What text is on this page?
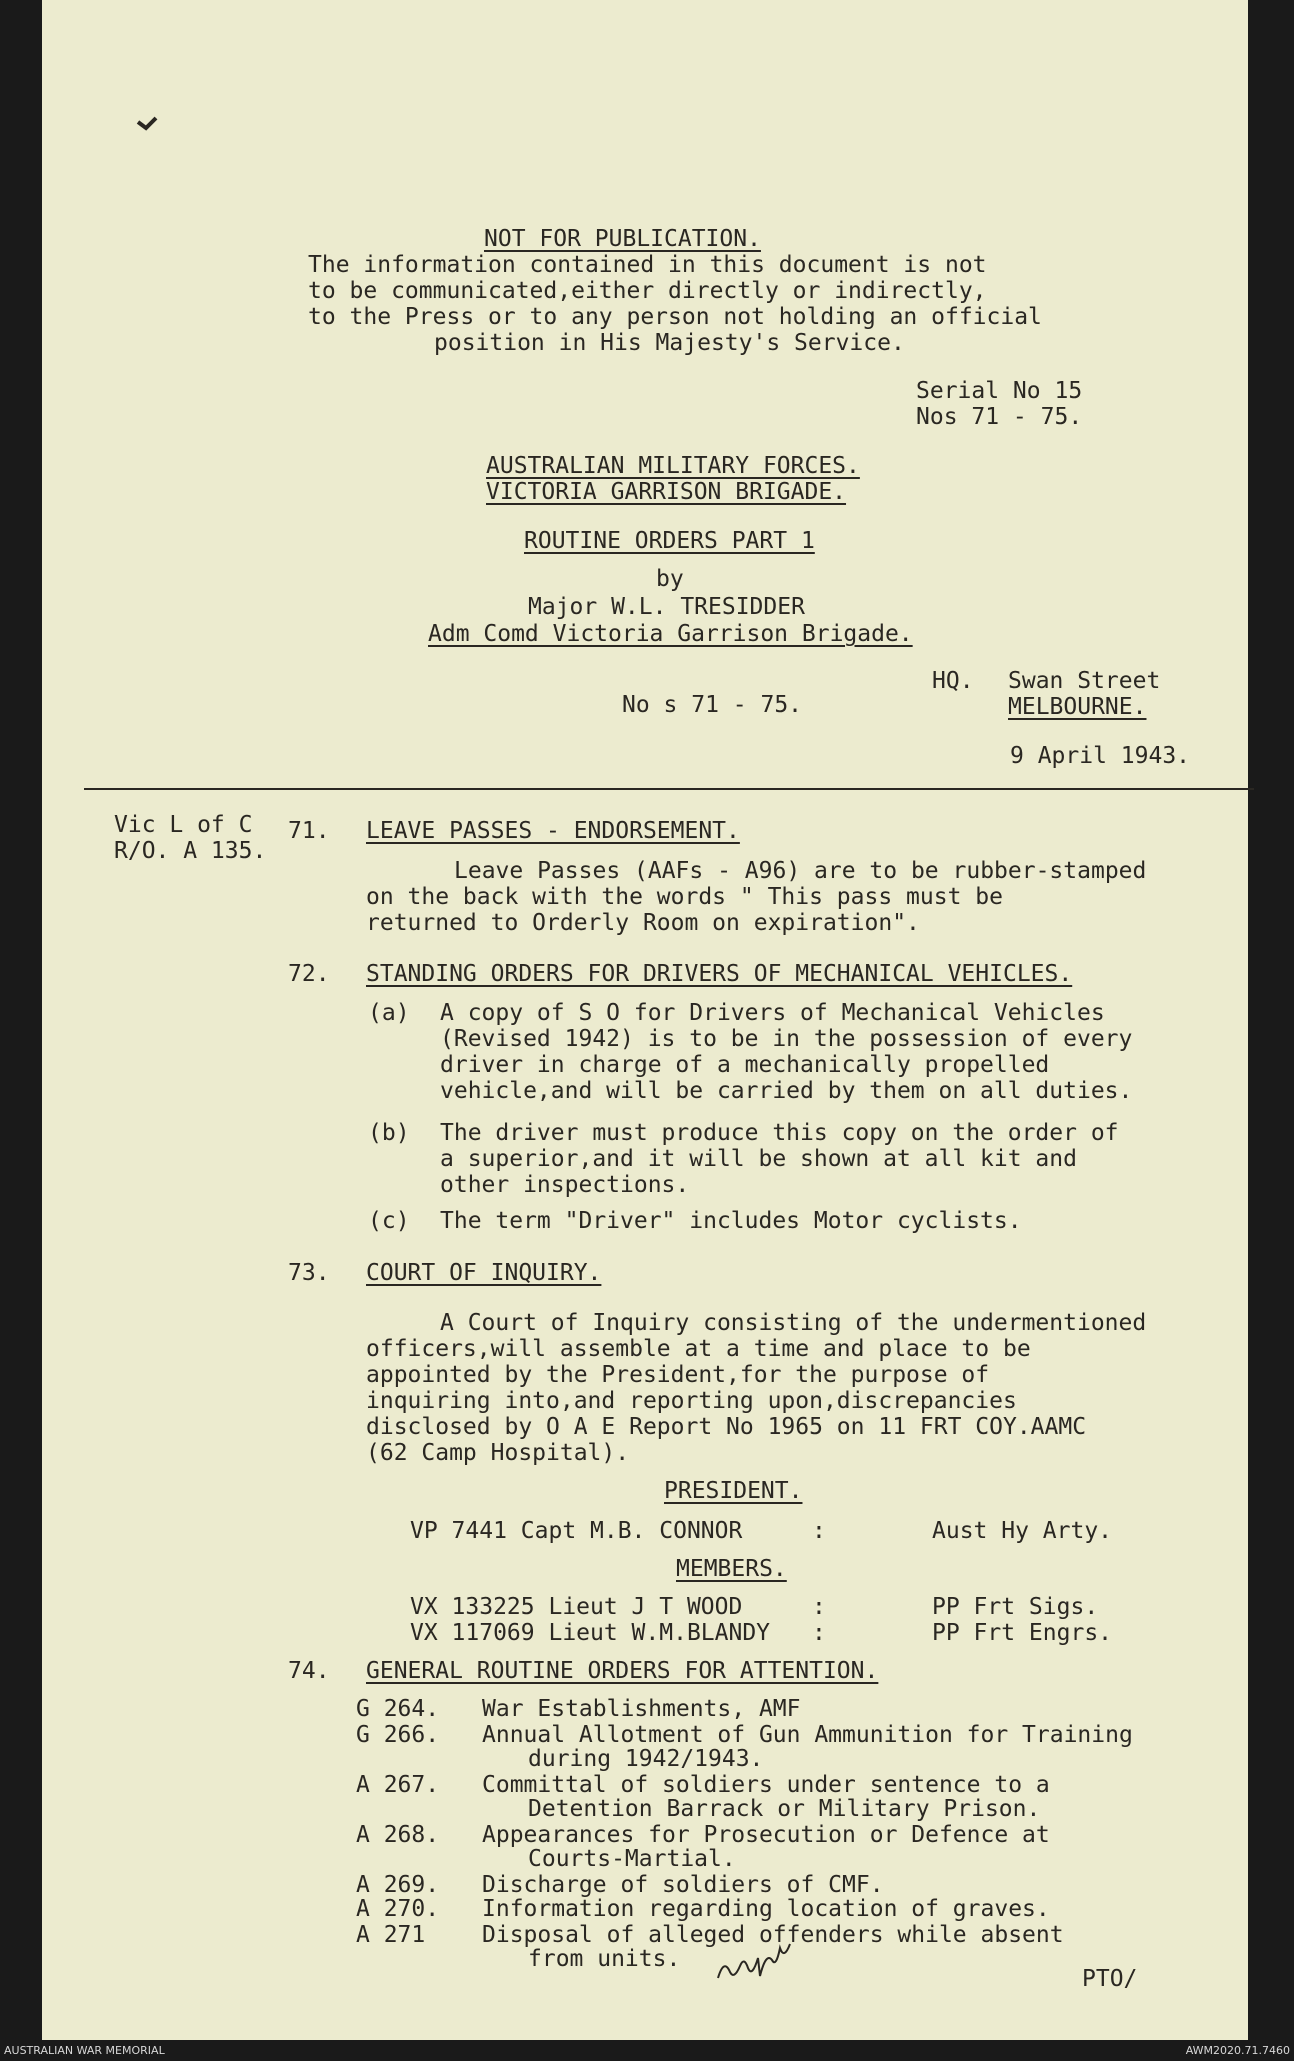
NOT FOR PUBLICATION.
The information contained in this document is not
to be communicated,either directly or indirectly,
to the Press or to any person not holding an official
position in His Majesty's Service.
Serial No 15
Nos 71 - 75.
AUSTRALIAN MILITARY FORCES.
VICTORIA GARRISON BRIGADE.
ROUTINE ORDERS PART 1
by
Major W.L. TRESIDDER
Adm Comd Victoria Garrison Brigade.
HQ. Swan Street
MELBOURNE.
No s 71 - 75.
9 April 1943.
Vic L of C
R/O. A 135.
71. LEAVE PASSES - ENDORSEMENT.
Leave Passes (AAFs - A96) are to be rubber-stamped
on the back with the words " This pass must be
returned to Orderly Room on expiration".
72. STANDING ORDERS FOR DRIVERS OF MECHANICAL VEHICLES.
(a) A copy of S O for Drivers of Mechanical Vehicles
(Revised 1942) is to be in the possession of every
driver in charge of a mechanically propelled
vehicle,and will be carried by them on all duties.
(b) The driver must produce this copy on the order of
a superior,and it will be shown at all kit and
other inspections.
(c) The term "Driver" includes Motor cyclists.
73. COURT OF INQUIRY.
A Court of Inquiry consisting of the undermentioned
officers,will assemble at a time and place to be
appointed by the President,for the purpose of
inquiring into,and reporting upon,discrepancies
disclosed by O A E Report No 1965 on 11 FRT COY.AAMC
(62 Camp Hospital).
PRESIDENT.
VP 7441 Capt M.B. CONNOR	:	Aust Hy Arty.
MEMBERS.
VX 133225 Lieut J T WOOD	:	PP Frt Sigs.
VX 117069 Lieut W.M.BLANDY :	PP Frt Engrs.
74. GENERAL ROUTINE ORDERS FOR ATTENTION.
G 264. War Establishments, AMF
G 266. Annual Allotment of Gun Ammunition for Training
during 1942/1943.
A 267. Committal of soldiers under sentence to a
Detention Barrack or Military Prison.
A 268. Appearances for Prosecution or Defence at
Courts-Martial.
A 269. Discharge of soldiers of CMF.
A 270. Information regarding location of graves.
A 271 Disposal of alleged offenders while absent
from units.
PTO/
AUSTRALIAN WAR MEMORIAL	AWM2020.71.7460
